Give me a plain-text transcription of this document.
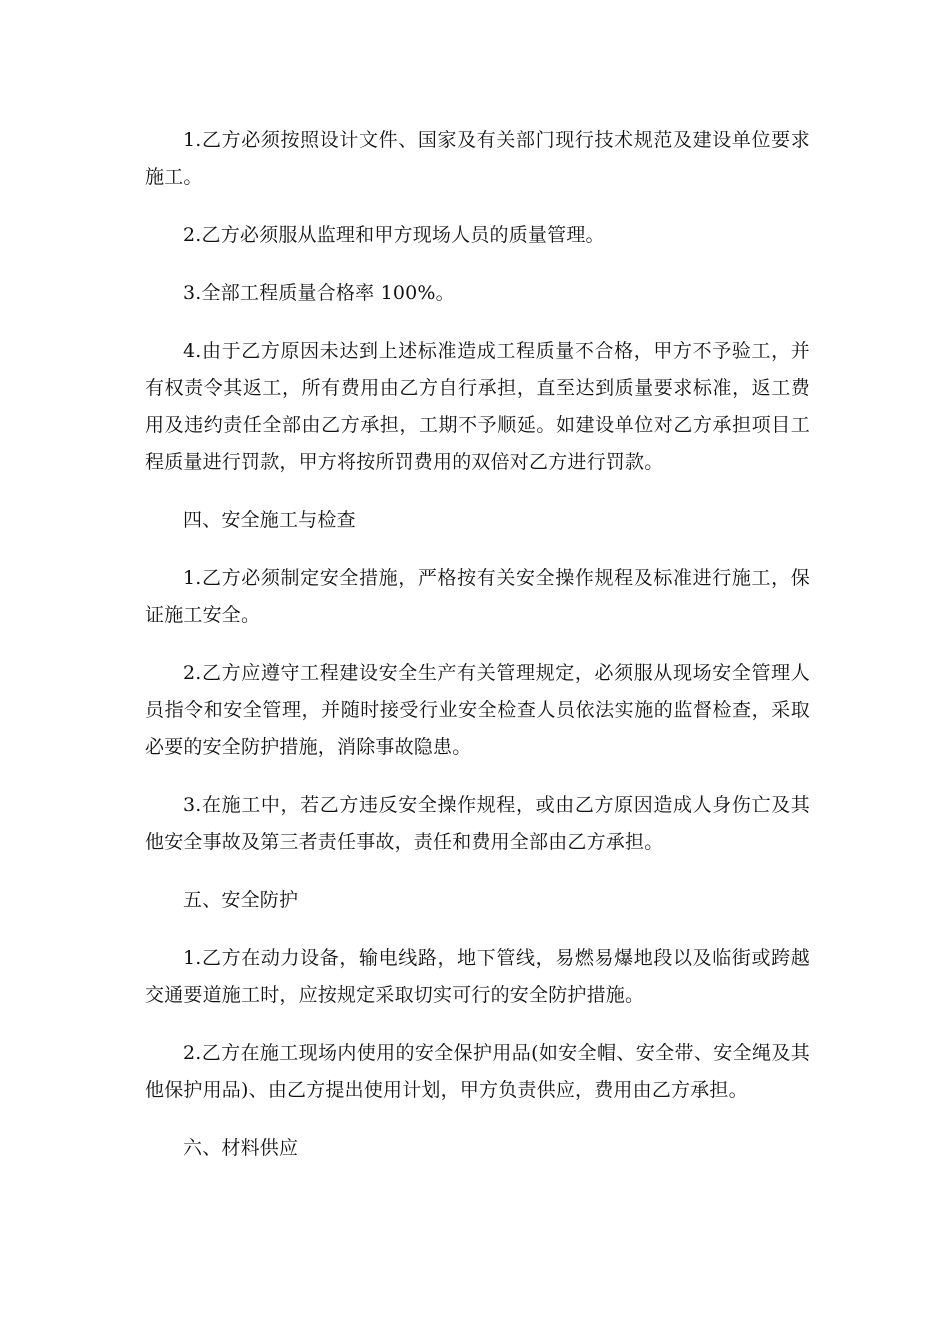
1.乙方必须按照设计文件、国家及有关部门现行技术规范及建设单位要求施工。

2.乙方必须服从监理和甲方现场人员的质量管理。

3.全部工程质量合格率 100%。

4.由于乙方原因未达到上述标准造成工程质量不合格，甲方不予验工，并有权责令其返工，所有费用由乙方自行承担，直至达到质量要求标准，返工费用及违约责任全部由乙方承担，工期不予顺延。如建设单位对乙方承担项目工程质量进行罚款，甲方将按所罚费用的双倍对乙方进行罚款。

四、安全施工与检查

1.乙方必须制定安全措施，严格按有关安全操作规程及标准进行施工，保证施工安全。

2.乙方应遵守工程建设安全生产有关管理规定，必须服从现场安全管理人员指令和安全管理，并随时接受行业安全检查人员依法实施的监督检查，采取必要的安全防护措施，消除事故隐患。

3.在施工中，若乙方违反安全操作规程，或由乙方原因造成人身伤亡及其他安全事故及第三者责任事故，责任和费用全部由乙方承担。

五、安全防护

1.乙方在动力设备，输电线路，地下管线，易燃易爆地段以及临街或跨越交通要道施工时，应按规定采取切实可行的安全防护措施。

2.乙方在施工现场内使用的安全保护用品(如安全帽、安全带、安全绳及其他保护用品)、由乙方提出使用计划，甲方负责供应，费用由乙方承担。

六、材料供应
